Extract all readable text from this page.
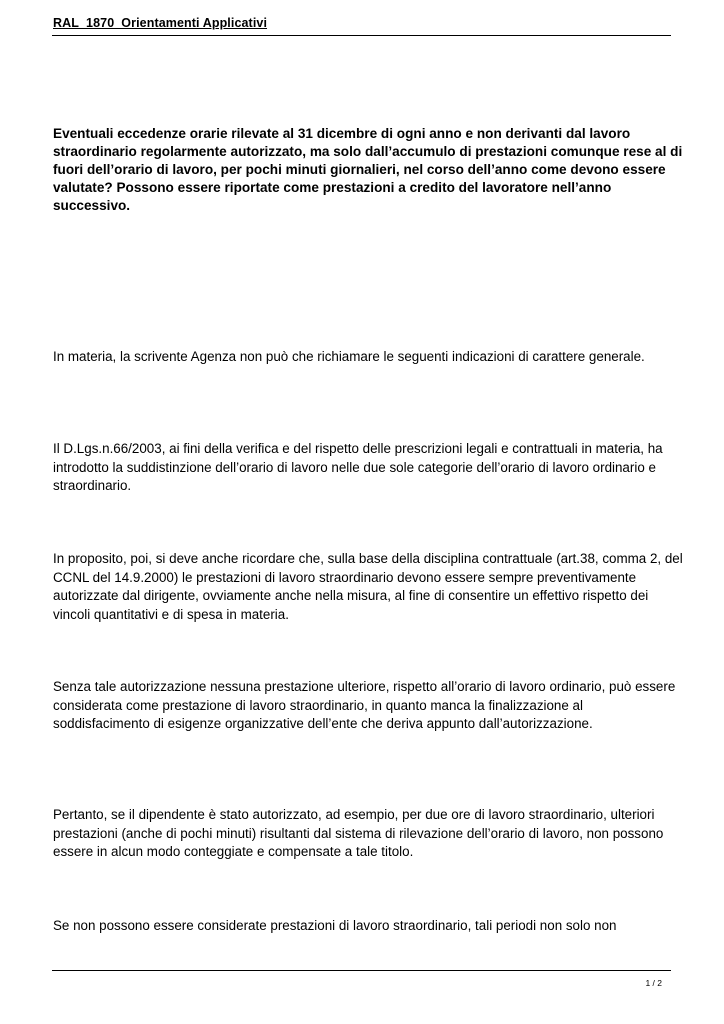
RAL_1870_Orientamenti Applicativi

Eventuali eccedenze orarie rilevate al 31 dicembre di ogni anno e non derivanti dal lavoro straordinario regolarmente autorizzato, ma solo dall’accumulo di prestazioni comunque rese al di fuori dell’orario di lavoro, per pochi minuti giornalieri, nel corso dell’anno come devono essere valutate? Possono essere riportate come prestazioni a credito del lavoratore nell’anno successivo.

In materia, la scrivente Agenza non può che richiamare le seguenti indicazioni di carattere generale.

Il D.Lgs.n.66/2003, ai fini della verifica e del rispetto delle prescrizioni legali e contrattuali in materia, ha introdotto la suddistinzione dell’orario di lavoro nelle due sole categorie dell’orario di lavoro ordinario e straordinario.

In proposito, poi, si deve anche ricordare che, sulla base della disciplina contrattuale (art.38, comma 2, del CCNL del 14.9.2000) le prestazioni di lavoro straordinario devono essere sempre preventivamente autorizzate dal dirigente, ovviamente anche nella misura, al fine di consentire un effettivo rispetto dei vincoli quantitativi e di spesa in materia.

Senza tale autorizzazione nessuna prestazione ulteriore, rispetto all’orario di lavoro ordinario, può essere considerata come prestazione di lavoro straordinario, in quanto manca la finalizzazione al soddisfacimento di esigenze organizzative dell’ente che deriva appunto dall’autorizzazione.

Pertanto, se il dipendente è stato autorizzato, ad esempio, per due ore di lavoro straordinario, ulteriori prestazioni (anche di pochi minuti) risultanti dal sistema di rilevazione dell’orario di lavoro, non possono essere in alcun modo conteggiate e compensate a tale titolo.

Se non possono essere considerate prestazioni di lavoro straordinario, tali periodi non solo non

1 / 2
